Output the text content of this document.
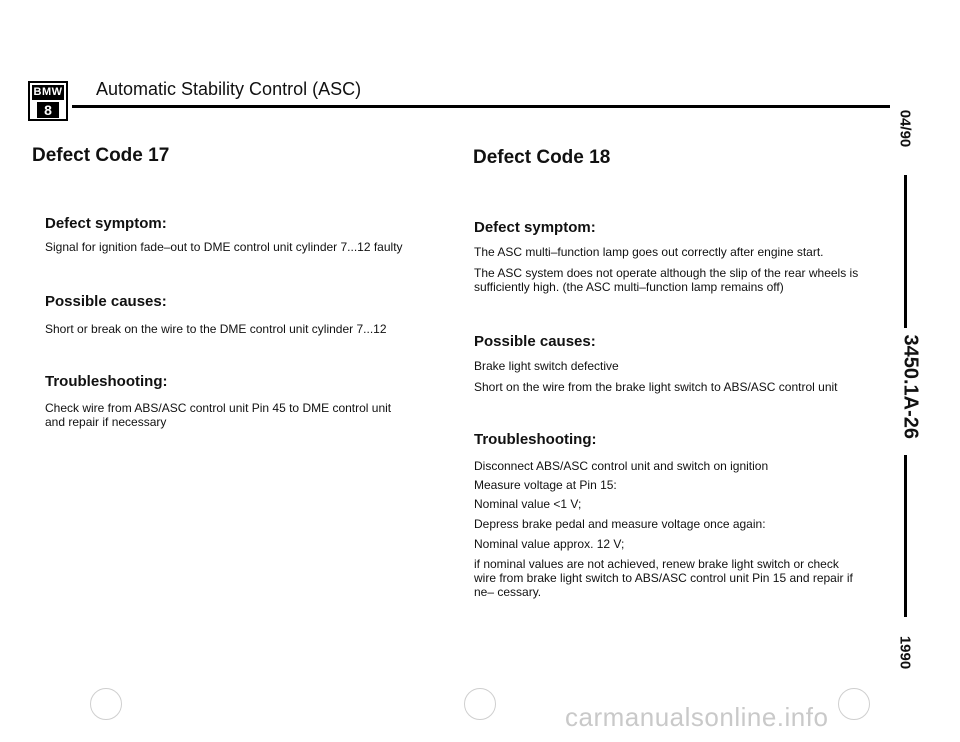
BMW
8
Automatic Stability Control (ASC)
04/90
3450.1A-26
1990
Defect Code 17
Defect symptom:
Signal for ignition fade–out to DME control unit cylinder 7...12 faulty
Possible causes:
Short or break on the wire to the DME control unit cylinder 7...12
Troubleshooting:
Check wire from ABS/ASC control unit Pin 45 to DME control unit and repair if necessary
Defect Code 18
Defect symptom:
The ASC multi–function lamp goes out correctly after engine start.
The ASC system does not operate although the slip of the rear wheels is sufficiently high. (the ASC multi–function lamp remains off)
Possible causes:
Brake light switch defective
Short on the wire from the brake light switch to ABS/ASC control unit
Troubleshooting:
Disconnect ABS/ASC control unit and switch on ignition
Measure voltage at Pin 15:
Nominal value <1 V;
Depress brake pedal and measure voltage once again:
Nominal value approx. 12 V;
if nominal values are not achieved, renew brake light switch or check wire from brake light switch to ABS/ASC control unit Pin 15 and repair if ne– cessary.
carmanualsonline.info
